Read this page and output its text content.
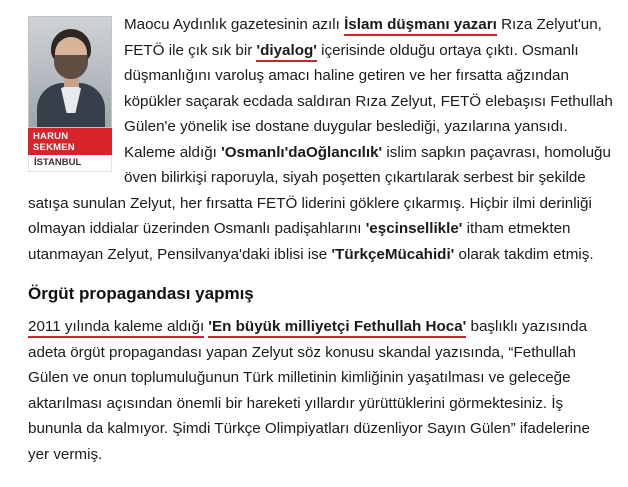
HARUN SEKMEN
İSTANBUL

Maocu Aydınlık gazetesinin azılı İslam düşmanı yazarı Rıza Zelyut'un, FETÖ ile çık sık bir 'diyalog' içerisinde olduğu ortaya çıktı. Osmanlı düşmanlığını varoluş amacı haline getiren ve her fırsatta ağzından köpükler saçarak ecdada saldıran Rıza Zelyut, FETÖ elebaşısı Fethullah Gülen'e yönelik ise dostane duygular beslediği, yazılarına yansıdı. Kaleme aldığı 'Osmanlı'daOğlancılık' islim sapkın paçavrası, homoluğu öven bilirkişi raporuyla, siyah poşetten çıkartılarak serbest bir şekilde satışa sunulan Zelyut, her fırsatta FETÖ liderini göklere çıkarmış. Hiçbir ilmi derinliği olmayan iddialar üzerinden Osmanlı padişahlarını 'eşcinsellikle' itham etmekten utanmayan Zelyut, Pensilvanya'daki iblisi ise 'TürkçeMücahidi' olarak takdim etmiş.

Örgüt propagandası yapmış

2011 yılında kaleme aldığı 'En büyük milliyetçi Fethullah Hoca' başlıklı yazısında adeta örgüt propagandası yapan Zelyut söz konusu skandal yazısında, “Fethullah Gülen ve onun toplumuluğunun Türk milletinin kimliğinin yaşatılması ve geleceğe aktarılması açısından önemli bir hareketi yıllardır yürüttüklerini görmektesiniz. İş bununla da kalmıyor. Şimdi Türkçe Olimpiyatları düzenliyor Sayın Gülen” ifadelerine yer vermiş.
